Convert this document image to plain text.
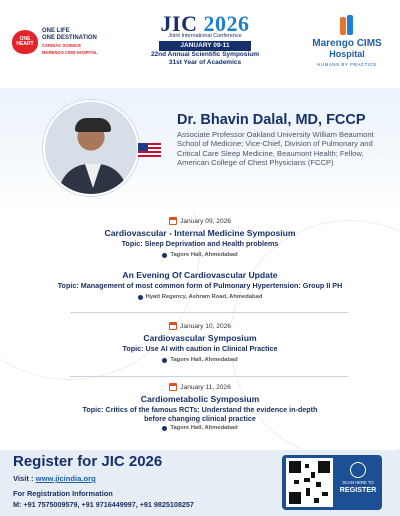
ONE HEART
ONE LIFE
ONE DESTINATION
CARDIAC SCIENCE
MARENGO CIMS HOSPITAL
JIC 2026
Joint International Conference
JANUARY 09-11
22nd Annual Scientific Symposium
31st Year of Academics
Marengo CIMS
Hospital
HUMANS BY PRACTICE
Dr. Bhavin Dalal, MD, FCCP
Associate Professor Oakland University William Beaumont School of Medicine; Vice-Chief, Division of Pulmonary and Critical Care Sleep Medicine, Beaumont Health; Fellow, American College of Chest Physicians (FCCP)
January 09, 2026
Cardiovascular - Internal Medicine Symposium
Topic: Sleep Deprivation and Health problems
Tagore Hall, Ahmedabad
An Evening Of Cardiovascular Update
Topic: Management of most common form of Pulmonary Hypertension: Group II PH
Hyatt Regency, Ashram Road, Ahmedabad
January 10, 2026
Cardiovascular Symposium
Topic: Use AI with caution in Clinical Practice
Tagore Hall, Ahmedabad
January 11, 2026
Cardiometabolic Symposium
Topic: Critics of the famous RCTs: Understand the evidence in-depth before changing clinical practice
Tagore Hall, Ahmedabad
Register for JIC 2026
Visit : www.jicindia.org
For Registration Information
M: +91 7575009579, +91 9716449997, +91 9825108257
SCAN HERE TO
REGISTER
